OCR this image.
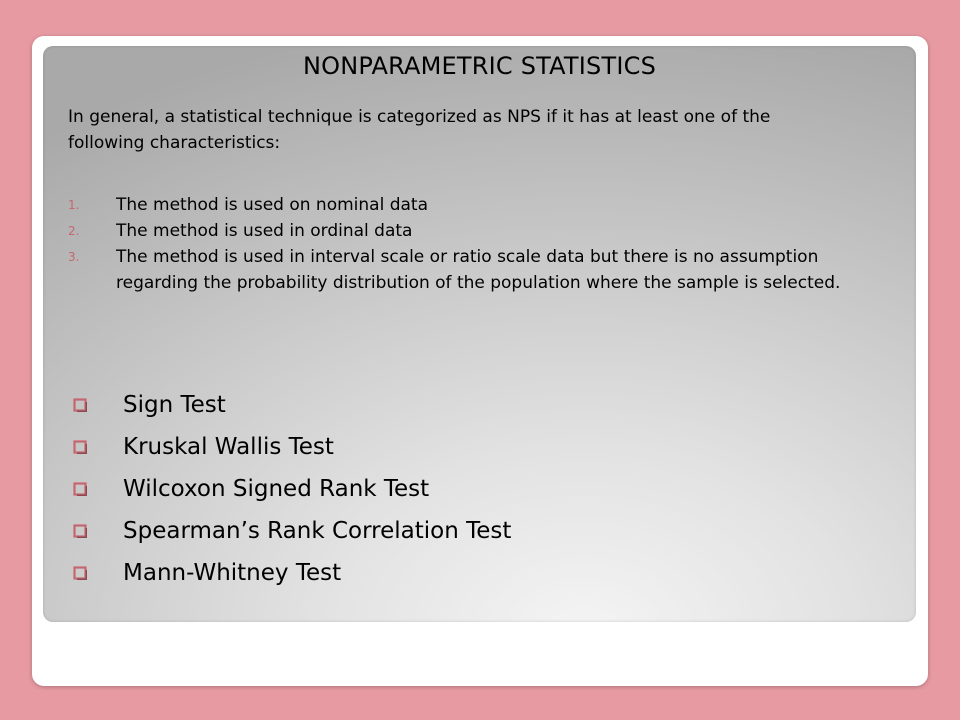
NONPARAMETRIC STATISTICS
In general, a statistical technique is categorized as NPS if it has at least one of the following characteristics:
1. The method is used on nominal data
2. The method is used in ordinal data
3. The method is used in interval scale or ratio scale data but there is no assumption regarding the probability distribution of the population where the sample is selected.
Sign Test
Kruskal Wallis Test
Wilcoxon Signed Rank Test
Spearman’s Rank Correlation Test
Mann-Whitney Test
